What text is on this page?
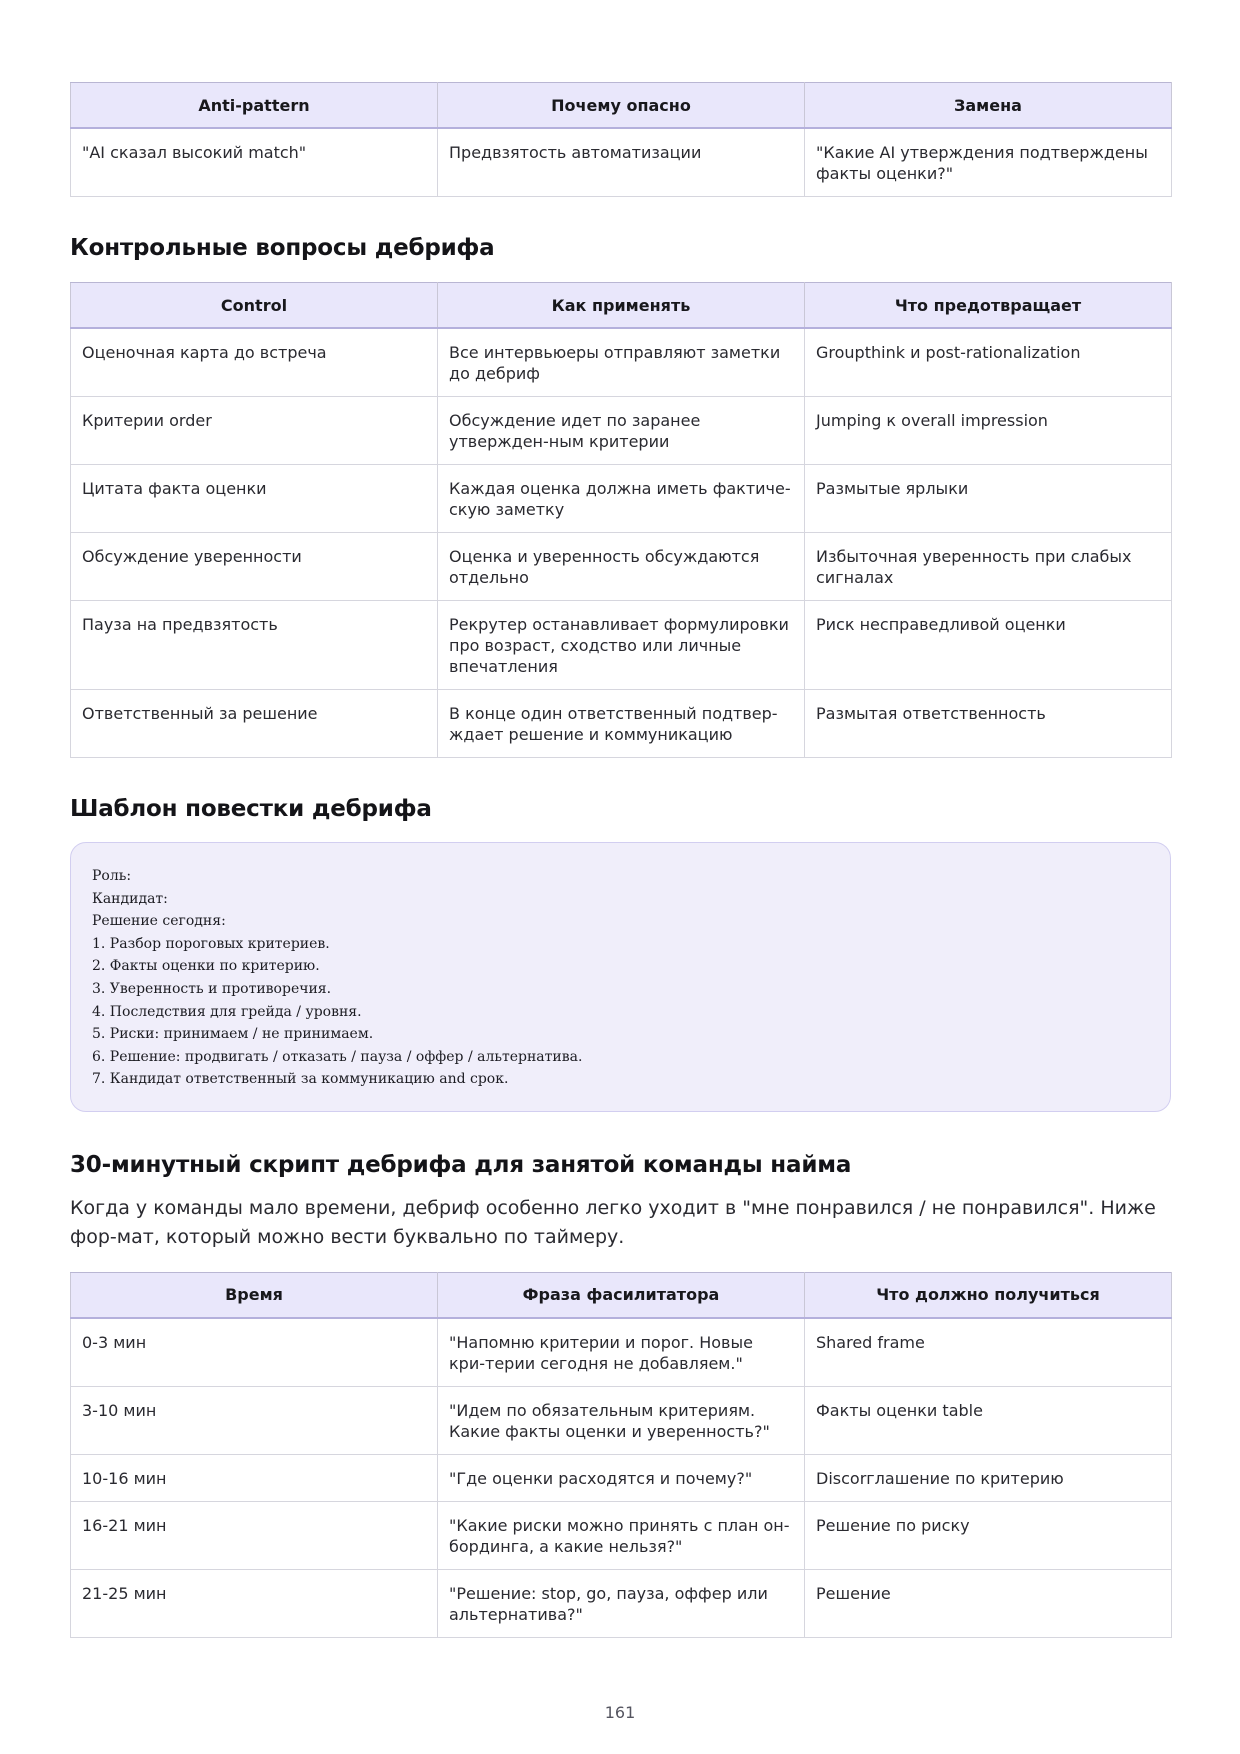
Anti-pattern	Почему опасно	Замена
"AI сказал высокий match"	Предвзятость автоматизации	"Какие AI утверждения подтверждены факты оценки?"
Контрольные вопросы дебрифа
Control	Как применять	Что предотвращает
Оценочная карта до встреча	Все интервьюеры отправляют заметки до дебриф	Groupthink и post-rationalization
Критерии order	Обсуждение идет по заранее утвержден-ным критерии	Jumping к overall impression
Цитата факта оценки	Каждая оценка должна иметь фактиче-скую заметку	Размытые ярлыки
Обсуждение уверенности	Оценка и уверенность обсуждаются отдельно	Избыточная уверенность при слабых сигналах
Пауза на предвзятость	Рекрутер останавливает формулировки про возраст, сходство или личные впечатления	Риск несправедливой оценки
Ответственный за решение	В конце один ответственный подтвер-ждает решение и коммуникацию	Размытая ответственность
Шаблон повестки дебрифа
Роль:
Кандидат:
Решение сегодня:
1. Разбор пороговых критериев.
2. Факты оценки по критерию.
3. Уверенность и противоречия.
4. Последствия для грейда / уровня.
5. Риски: принимаем / не принимаем.
6. Решение: продвигать / отказать / пауза / оффер / альтернатива.
7. Кандидат ответственный за коммуникацию and срок.
30-минутный скрипт дебрифа для занятой команды найма

Когда у команды мало времени, дебриф особенно легко уходит в "мне понравился / не понравился". Ниже фор-мат, который можно вести буквально по таймеру.

Время	Фраза фасилитатора	Что должно получиться
0-3 мин	"Напомню критерии и порог. Новые кри-терии сегодня не добавляем."	Shared frame
3-10 мин	"Идем по обязательным критериям. Какие факты оценки и уверенность?"	Факты оценки table
10-16 мин	"Где оценки расходятся и почему?"	Discorглашение по критерию
16-21 мин	"Какие риски можно принять с план он-бординга, а какие нельзя?"	Решение по риску
21-25 мин	"Решение: stop, go, пауза, оффер или альтернатива?"	Решение
161
